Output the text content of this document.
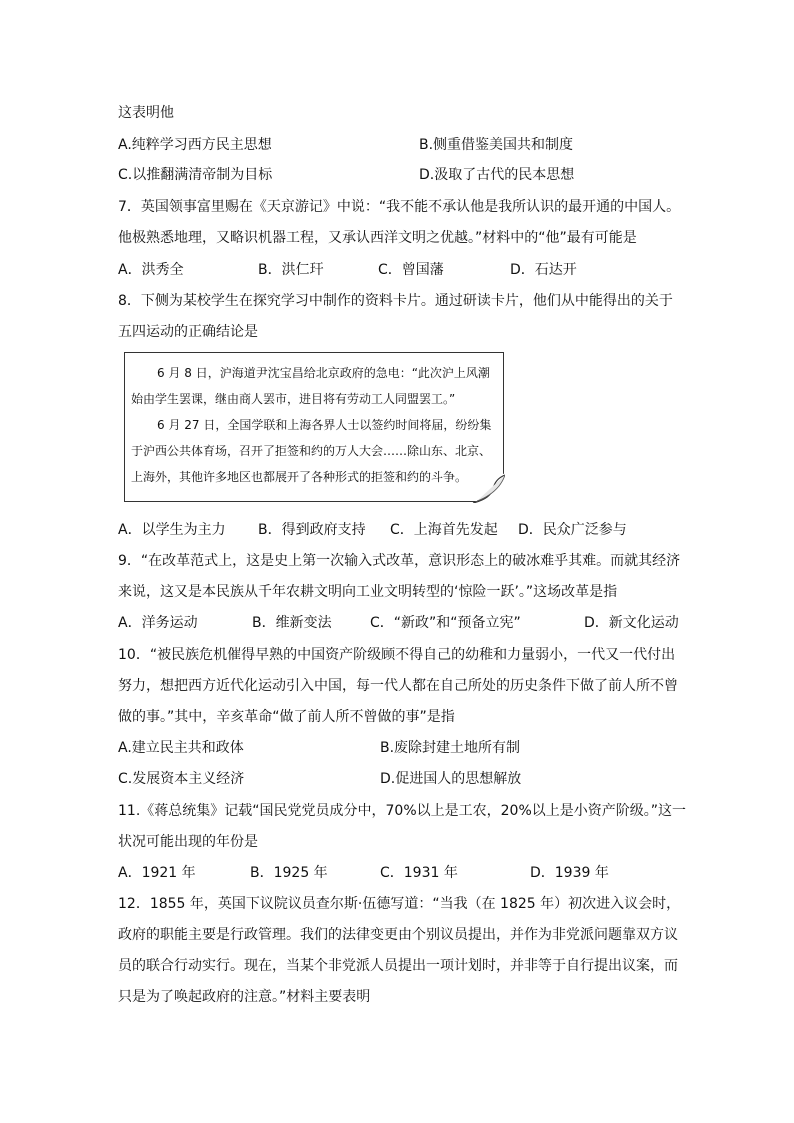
这表明他
A.纯粹学习西方民主思想	B.侧重借鉴美国共和制度
C.以推翻满清帝制为目标	D.汲取了古代的民本思想
7．英国领事富里赐在《天京游记》中说：“我不能不承认他是我所认识的最开通的中国人。
他极熟悉地理，又略识机器工程，又承认西洋文明之优越。”材料中的“他”最有可能是
A．洪秀全	B．洪仁玕	C．曾国藩	D．石达开
8．下侧为某校学生在探究学习中制作的资料卡片。通过研读卡片，他们从中能得出的关于
五四运动的正确结论是
6 月 8 日，沪海道尹沈宝昌给北京政府的急电：“此次沪上风潮
始由学生罢课，继由商人罢市，进目将有劳动工人同盟罢工。”
6 月 27 日，全国学联和上海各界人士以签约时间将届，纷纷集
于沪西公共体育场，召开了拒签和约的万人大会……除山东、北京、
上海外，其他许多地区也都展开了各种形式的拒签和约的斗争。
A．以学生为主力 B．得到政府支持 C．上海首先发起 D．民众广泛参与
9．“在改革范式上，这是史上第一次输入式改革，意识形态上的破冰难乎其难。而就其经济
来说，这又是本民族从千年农耕文明向工业文明转型的‘惊险一跃’。”这场改革是指
A．洋务运动	B．维新变法	C．“新政”和“预备立宪”	D．新文化运动
10．“被民族危机催得早熟的中国资产阶级顾不得自己的幼稚和力量弱小，一代又一代付出
努力，想把西方近代化运动引入中国，每一代人都在自己所处的历史条件下做了前人所不曾
做的事。”其中，辛亥革命“做了前人所不曾做的事”是指
A.建立民主共和政体	B.废除封建土地所有制
C.发展资本主义经济	D.促进国人的思想解放
11.《蒋总统集》记载“国民党党员成分中，70%以上是工农，20%以上是小资产阶级。”这一
状况可能出现的年份是
A．1921 年	B．1925 年	C．1931 年	D．1939 年
12．1855 年，英国下议院议员查尔斯·伍德写道：“当我（在 1825 年）初次进入议会时，
政府的职能主要是行政管理。我们的法律变更由个别议员提出，并作为非党派问题靠双方议
员的联合行动实行。现在，当某个非党派人员提出一项计划时，并非等于自行提出议案，而
只是为了唤起政府的注意。”材料主要表明
